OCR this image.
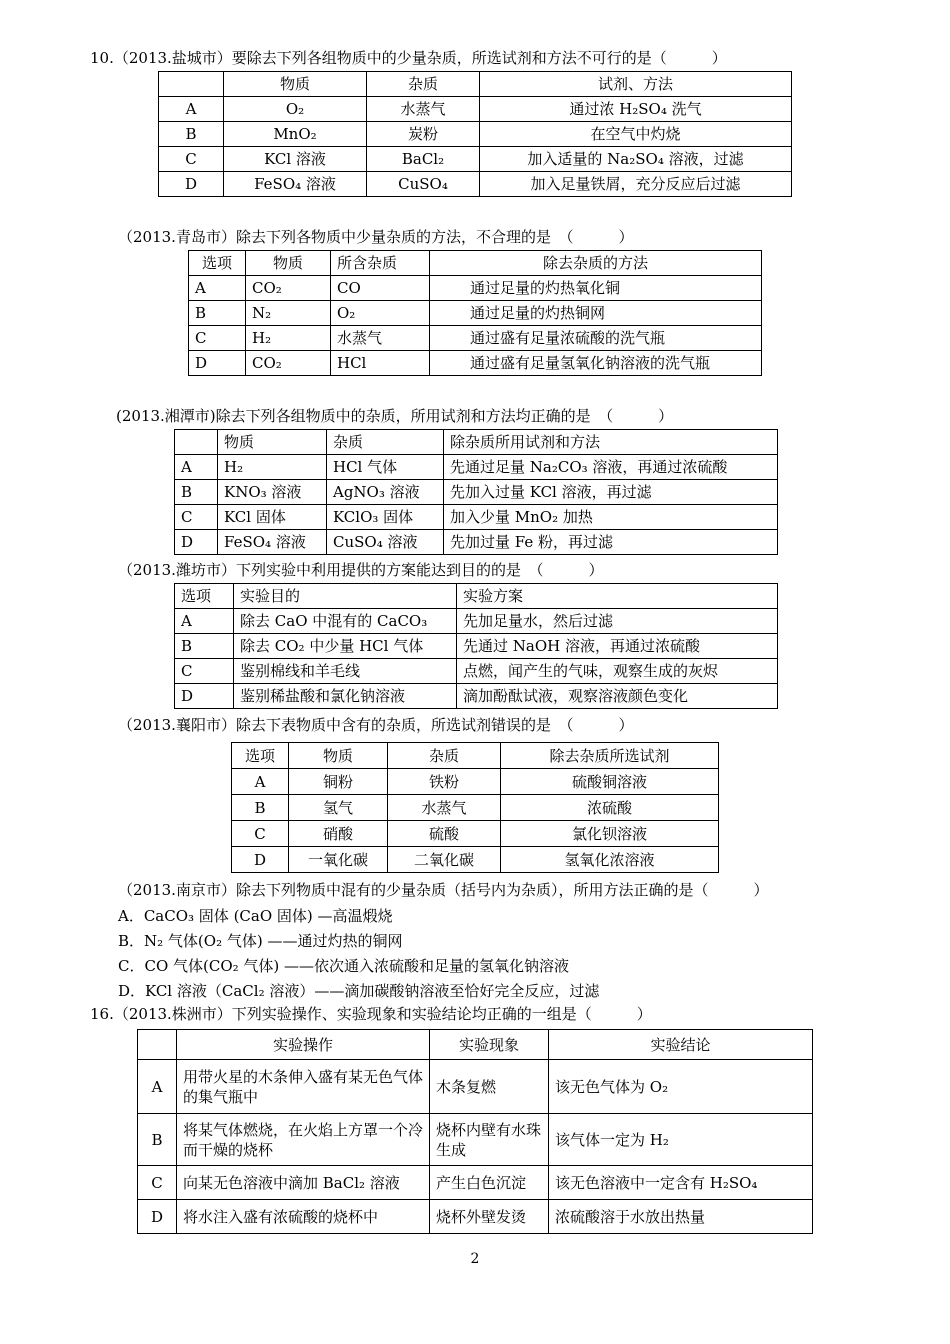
10.（2013.盐城市）要除去下列各组物质中的少量杂质，所选试剂和方法不可行的是（　　　）
	物质	杂质	试剂、方法
A	O₂	水蒸气	通过浓 H₂SO₄ 洗气
B	MnO₂	炭粉	在空气中灼烧
C	KCl 溶液	BaCl₂	加入适量的 Na₂SO₄ 溶液，过滤
D	FeSO₄ 溶液	CuSO₄	加入足量铁屑，充分反应后过滤
（2013.青岛市）除去下列各物质中少量杂质的方法，不合理的是　（　　　）
选项	物质	所含杂质	除去杂质的方法
A	CO₂	CO	通过足量的灼热氧化铜
B	N₂	O₂	通过足量的灼热铜网
C	H₂	水蒸气	通过盛有足量浓硫酸的洗气瓶
D	CO₂	HCl	通过盛有足量氢氧化钠溶液的洗气瓶
(2013.湘潭市)除去下列各组物质中的杂质，所用试剂和方法均正确的是　（　　　）
	物质	杂质	除杂质所用试剂和方法
A	H₂	HCl 气体	先通过足量 Na₂CO₃ 溶液，再通过浓硫酸
B	KNO₃ 溶液	AgNO₃ 溶液	先加入过量 KCl 溶液，再过滤
C	KCl 固体	KClO₃ 固体	加入少量 MnO₂ 加热
D	FeSO₄ 溶液	CuSO₄ 溶液	先加过量 Fe 粉，再过滤
（2013.潍坊市）下列实验中利用提供的方案能达到目的的是　（　　　）
选项	实验目的	实验方案
A	除去 CaO 中混有的 CaCO₃	先加足量水，然后过滤
B	除去 CO₂ 中少量 HCl 气体	先通过 NaOH 溶液，再通过浓硫酸
C	鉴别棉线和羊毛线	点燃，闻产生的气味，观察生成的灰烬
D	鉴别稀盐酸和氯化钠溶液	滴加酚酞试液，观察溶液颜色变化
（2013.襄阳市）除去下表物质中含有的杂质，所选试剂错误的是　（　　　）
选项	物质	杂质	除去杂质所选试剂
A	铜粉	铁粉	硫酸铜溶液
B	氢气	水蒸气	浓硫酸
C	硝酸	硫酸	氯化钡溶液
D	一氧化碳	二氧化碳	氢氧化浓溶液
（2013.南京市）除去下列物质中混有的少量杂质（括号内为杂质），所用方法正确的是（　　　）
A．CaCO₃ 固体 (CaO 固体) —高温煅烧
B．N₂ 气体(O₂ 气体) ——通过灼热的铜网
C．CO 气体(CO₂ 气体) ——依次通入浓硫酸和足量的氢氧化钠溶液
D．KCl 溶液（CaCl₂ 溶液）——滴加碳酸钠溶液至恰好完全反应，过滤
16.（2013.株洲市）下列实验操作、实验现象和实验结论均正确的一组是（　　　）
	实验操作	实验现象	实验结论
A	用带火星的木条伸入盛有某无色气体的集气瓶中	木条复燃	该无色气体为 O₂
B	将某气体燃烧，在火焰上方罩一个冷而干燥的烧杯	烧杯内壁有水珠生成	该气体一定为 H₂
C	向某无色溶液中滴加 BaCl₂ 溶液	产生白色沉淀	该无色溶液中一定含有 H₂SO₄
D	将水注入盛有浓硫酸的烧杯中	烧杯外壁发烫	浓硫酸溶于水放出热量
2
